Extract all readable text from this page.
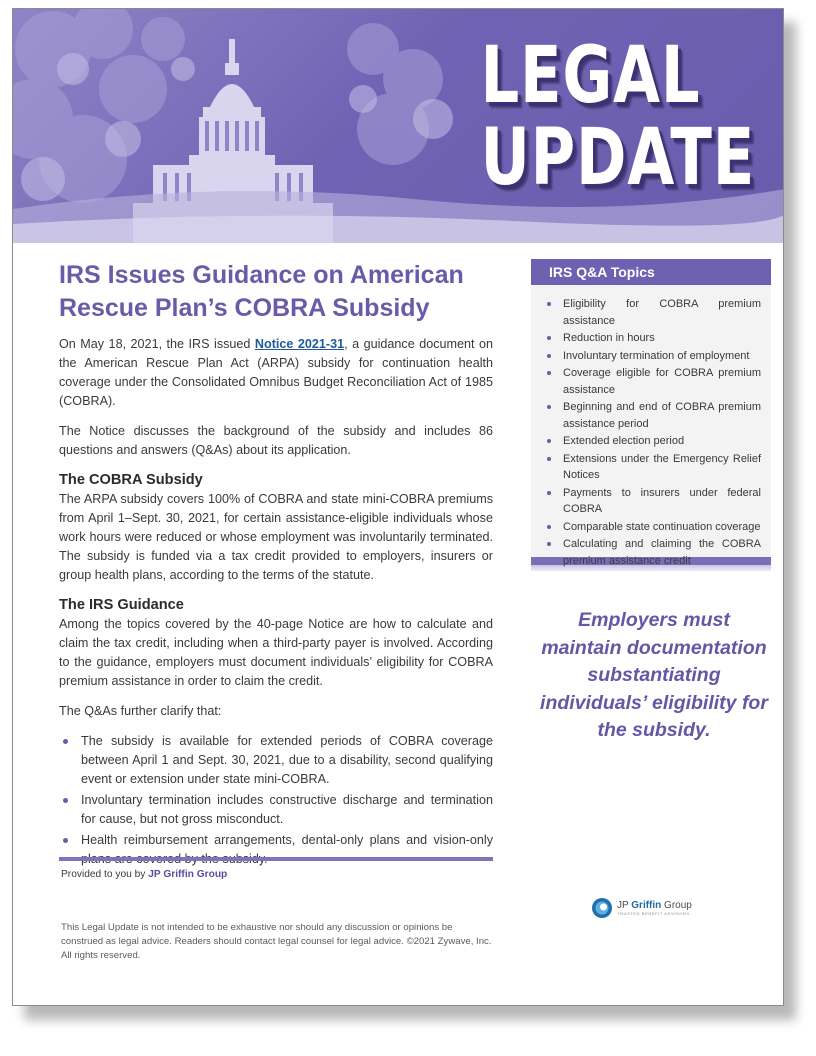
LEGAL
UPDATE
IRS Issues Guidance on American Rescue Plan’s COBRA Subsidy

On May 18, 2021, the IRS issued Notice 2021-31, a guidance document on the American Rescue Plan Act (ARPA) subsidy for continuation health coverage under the Consolidated Omnibus Budget Reconciliation Act of 1985 (COBRA).

The Notice discusses the background of the subsidy and includes 86 questions and answers (Q&As) about its application.

The COBRA Subsidy

The ARPA subsidy covers 100% of COBRA and state mini-COBRA premiums from April 1–Sept. 30, 2021, for certain assistance-eligible individuals whose work hours were reduced or whose employment was involuntarily terminated. The subsidy is funded via a tax credit provided to employers, insurers or group health plans, according to the terms of the statute.

The IRS Guidance

Among the topics covered by the 40-page Notice are how to calculate and claim the tax credit, including when a third-party payer is involved. According to the guidance, employers must document individuals’ eligibility for COBRA premium assistance in order to claim the credit.

The Q&As further clarify that:

The subsidy is available for extended periods of COBRA coverage between April 1 and Sept. 30, 2021, due to a disability, second qualifying event or extension under state mini-COBRA.
Involuntary termination includes constructive discharge and termination for cause, but not gross misconduct.
Health reimbursement arrangements, dental-only plans and vision-only
Provided to you by JP Griffin Group
This Legal Update is not intended to be exhaustive nor should any discussion or opinions be construed as legal advice. Readers should contact legal counsel for legal advice. ©2021 Zywave, Inc. All rights reserved.
IRS Q&A Topics
Eligibility for COBRA premium assistance
Reduction in hours
Involuntary termination of employment
Coverage eligible for COBRA premium assistance
Beginning and end of COBRA premium assistance period
Extended election period
Extensions under the Emergency Relief Notices
Payments to insurers under federal COBRA
Comparable state continuation coverage
Calculating and claiming the COBRA premium assistance credit
Employers must maintain documentation substantiating individuals’ eligibility for the subsidy.
JP Griffin Group
TRUSTED BENEFIT ADVISORS
